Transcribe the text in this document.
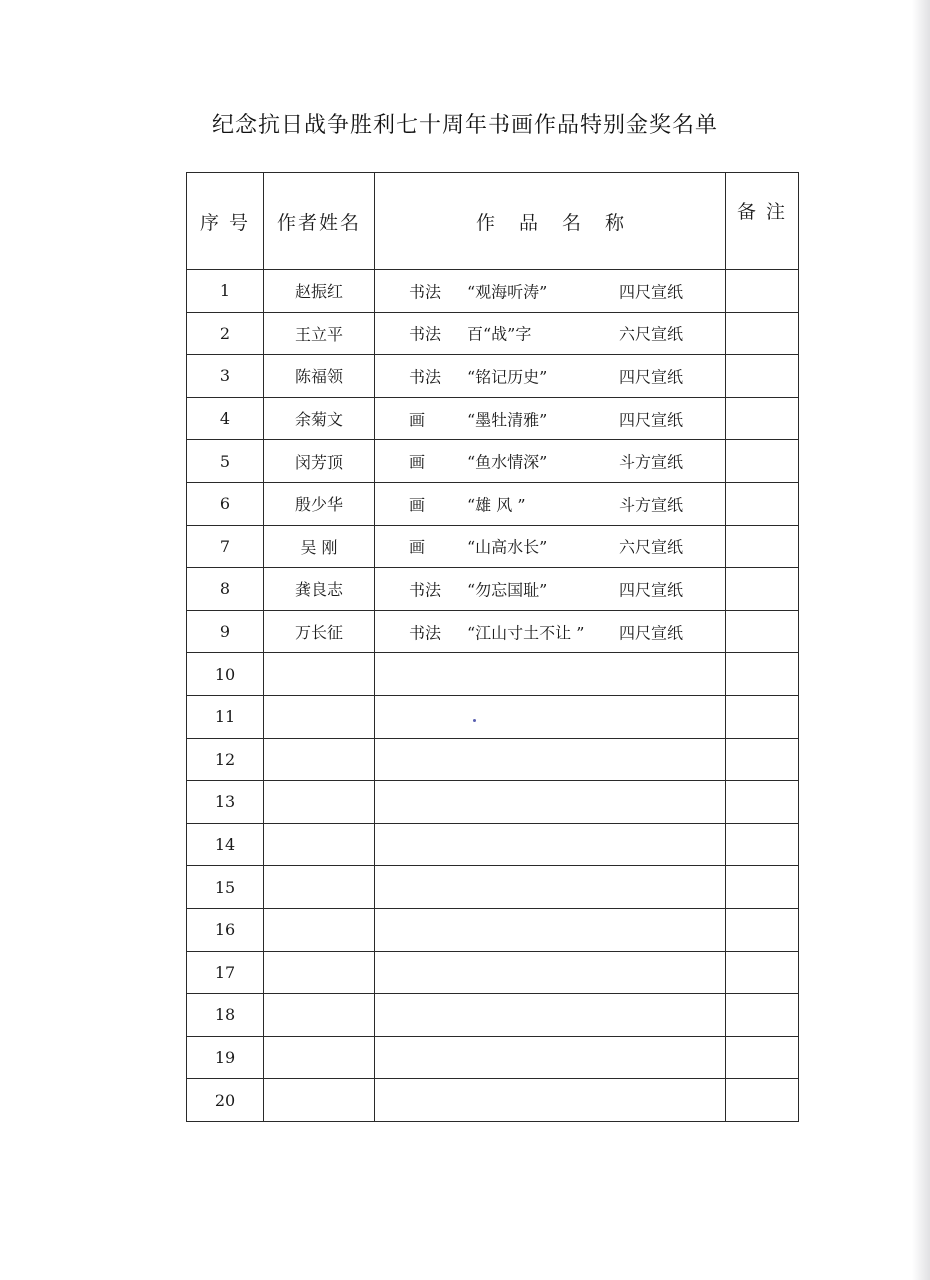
纪念抗日战争胜利七十周年书画作品特别金奖名单
序 号	作者姓名	作 品 名 称	备 注
1	赵振红	书法 “观海听涛” 四尺宣纸	

2	王立平	书法 百“战”字 六尺宣纸	

3	陈福领	书法 “铭记历史” 四尺宣纸	

4	余菊文	画 “墨牡清雅” 四尺宣纸	

5	闵芳顶	画 “鱼水情深” 斗方宣纸	

6	殷少华	画 “雄 风 ” 斗方宣纸	

7	吴 刚	画 “山高水长” 六尺宣纸	

8	龚良志	书法 “勿忘国耻” 四尺宣纸	

9	万长征	书法 “江山寸土不让 ” 四尺宣纸	

10		

11		

12		

13		

14		

15		

16		

17		

18		

19		

20		
